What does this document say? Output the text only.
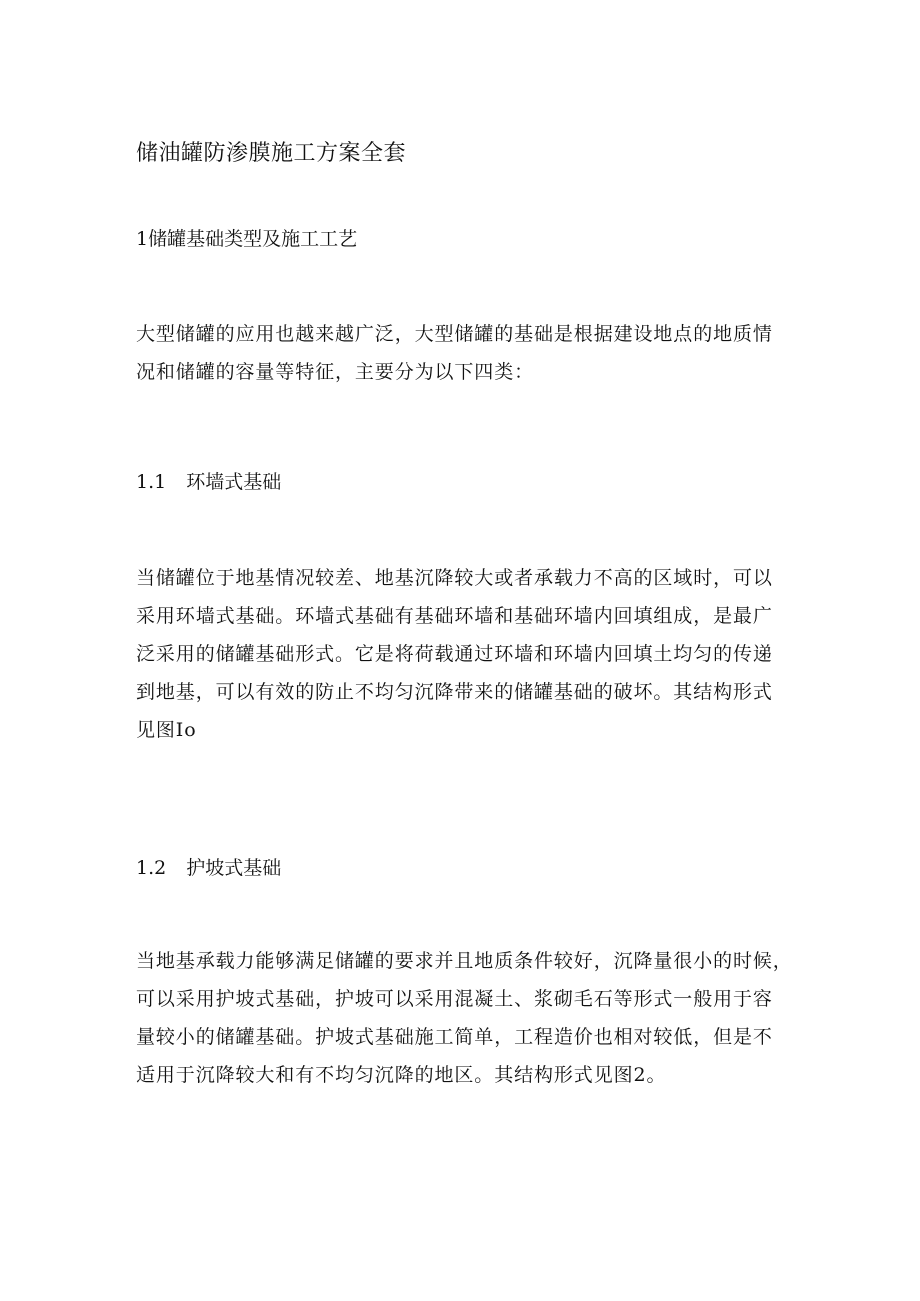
储油罐防渗膜施工方案全套
1储罐基础类型及施工工艺
大型储罐的应用也越来越广泛，大型储罐的基础是根据建设地点的地质情
况和储罐的容量等特征，主要分为以下四类：
1.1 环墙式基础
当储罐位于地基情况较差、地基沉降较大或者承载力不高的区域时，可以
采用环墙式基础。环墙式基础有基础环墙和基础环墙内回填组成，是最广
泛采用的储罐基础形式。它是将荷载通过环墙和环墙内回填土均匀的传递
到地基，可以有效的防止不均匀沉降带来的储罐基础的破坏。其结构形式
见图Io
1.2 护坡式基础
当地基承载力能够满足储罐的要求并且地质条件较好，沉降量很小的时候，
可以采用护坡式基础，护坡可以采用混凝土、浆砌毛石等形式一般用于容
量较小的储罐基础。护坡式基础施工简单，工程造价也相对较低，但是不
适用于沉降较大和有不均匀沉降的地区。其结构形式见图2。
